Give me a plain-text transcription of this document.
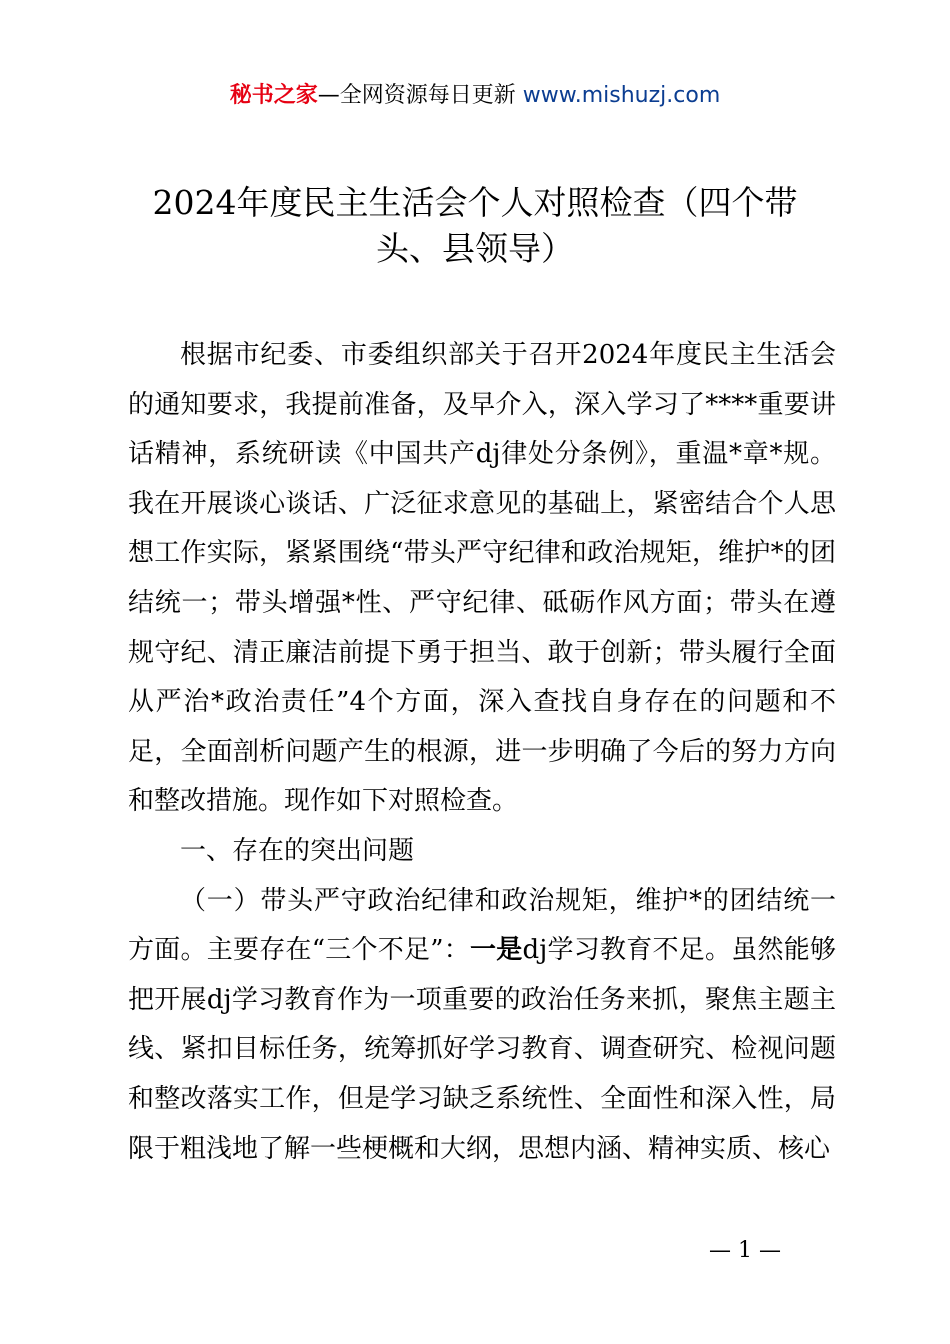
秘书之家—全网资源每日更新 www.mishuzj.com
2024年度民主生活会个人对照检查（四个带头、县领导）

根据市纪委、市委组织部关于召开2024年度民主生活会的通知要求，我提前准备，及早介入，深入学习了****重要讲话精神，系统研读《中国共产dj律处分条例》，重温*章*规。我在开展谈心谈话、广泛征求意见的基础上，紧密结合个人思想工作实际，紧紧围绕“带头严守纪律和政治规矩，维护*的团结统一；带头增强*性、严守纪律、砥砺作风方面；带头在遵规守纪、清正廉洁前提下勇于担当、敢于创新；带头履行全面从严治*政治责任”4个方面，深入查找自身存在的问题和不足，全面剖析问题产生的根源，进一步明确了今后的努力方向和整改措施。现作如下对照检查。

一、存在的突出问题

（一）带头严守政治纪律和政治规矩，维护*的团结统一方面。主要存在“三个不足”：一是dj学习教育不足。虽然能够把开展dj学习教育作为一项重要的政治任务来抓，聚焦主题主线、紧扣目标任务，统筹抓好学习教育、调查研究、检视问题和整改落实工作，但是学习缺乏系统性、全面性和深入性，局限于粗浅地了解一些梗概和大纲，思想内涵、精神实质、核心

— 1 —
